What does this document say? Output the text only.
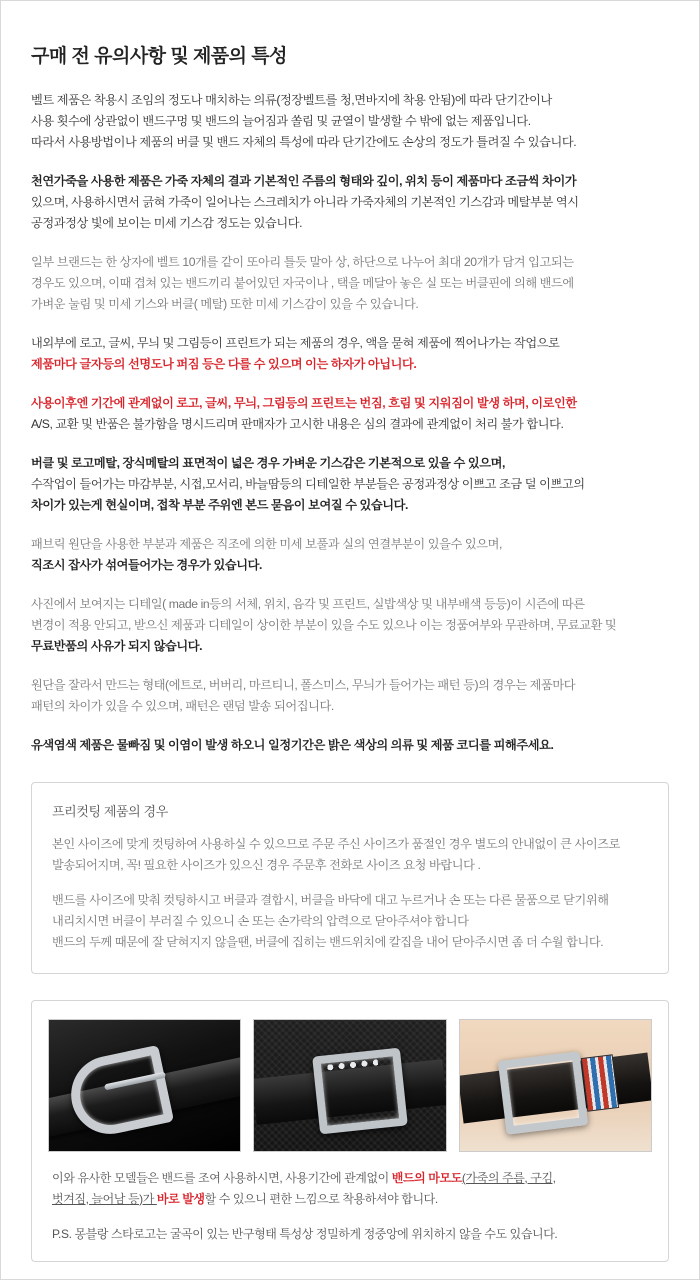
구매 전 유의사항 및 제품의 특성

벨트 제품은 착용시 조임의 정도나 매치하는 의류(정장벨트를 청,면바지에 착용 안됨)에 따라 단기간이나
사용 횟수에 상관없이 밴드구멍 및 밴드의 늘어짐과 쏠림 및 균열이 발생할 수 밖에 없는 제품입니다.
따라서 사용방법이나 제품의 버클 및 밴드 자체의 특성에 따라 단기간에도 손상의 정도가 틀려질 수 있습니다.

천연가죽을 사용한 제품은 가죽 자체의 결과 기본적인 주름의 형태와 깊이, 위치 등이 제품마다 조금씩 차이가
있으며, 사용하시면서 긁혀 가죽이 일어나는 스크레치가 아니라 가죽자체의 기본적인 기스감과 메탈부분 역시
공정과정상 빛에 보이는 미세 기스감 정도는 있습니다.

일부 브랜드는 한 상자에 벨트 10개를 같이 또아리 틀듯 말아 상, 하단으로 나누어 최대 20개가 담겨 입고되는
경우도 있으며, 이때 겹쳐 있는 밴드끼리 붙어있던 자국이나 , 택을 메달아 놓은 실 또는 버클핀에 의해 밴드에
가벼운 눌림 및 미세 기스와 버클( 메탈) 또한 미세 기스감이 있을 수 있습니다.

내외부에 로고, 글씨, 무늬 및 그림등이 프린트가 되는 제품의 경우, 액을 묻혀 제품에 찍어나가는 작업으로
제품마다 글자등의 선명도나 퍼짐 등은 다를 수 있으며 이는 하자가 아닙니다.

사용이후엔 기간에 관계없이 로고, 글씨, 무늬, 그림등의 프린트는 번짐, 흐림 및 지워짐이 발생 하며, 이로인한
A/S, 교환 및 반품은 불가함을 명시드리며 판매자가 고시한 내용은 심의 결과에 관계없이 처리 불가 합니다.

버클 및 로고메탈, 장식메탈의 표면적이 넓은 경우 가벼운 기스감은 기본적으로 있을 수 있으며,
수작업이 들어가는 마감부분, 시접,모서리, 바늘땀등의 디테일한 부분들은 공정과정상 이쁘고 조금 덜 이쁘고의
차이가 있는게 현실이며, 접착 부분 주위엔 본드 묻음이 보여질 수 있습니다.

패브릭 원단을 사용한 부분과 제품은 직조에 의한 미세 보풀과 실의 연결부분이 있을수 있으며,
직조시 잡사가 섞여들어가는 경우가 있습니다.

사진에서 보여지는 디테일( made in등의 서체, 위치, 음각 및 프린트, 실밥색상 및 내부배색 등등)이 시즌에 따른
변경이 적용 안되고, 받으신 제품과 디테일이 상이한 부분이 있을 수도 있으나 이는 정품여부와 무관하며, 무료교환 및
무료반품의 사유가 되지 않습니다.

원단을 잘라서 만드는 형태(에트로, 버버리, 마르티니, 폴스미스, 무늬가 들어가는 패턴 등)의 경우는 제품마다
패턴의 차이가 있을 수 있으며, 패턴은 랜덤 발송 되어집니다.

유색염색 제품은 물빠짐 및 이염이 발생 하오니 일정기간은 밝은 색상의 의류 및 제품 코디를 피해주세요.

프리컷팅 제품의 경우

본인 사이즈에 맞게 컷팅하여 사용하실 수 있으므로 주문 주신 사이즈가 품절인 경우 별도의 안내없이 큰 사이즈로
발송되어지며, 꼭! 필요한 사이즈가 있으신 경우 주문후 전화로 사이즈 요청 바랍니다 .

밴드를 사이즈에 맞춰 컷팅하시고 버클과 결합시, 버클을 바닥에 대고 누르거나 손 또는 다른 물품으로 닫기위해
내리치시면 버클이 부러질 수 있으니 손 또는 손가락의 압력으로 닫아주셔야 합니다
밴드의 두께 때문에 잘 닫혀지지 않을땐, 버클에 집히는 밴드위치에 칼집을 내어 닫아주시면 좀 더 수월 합니다.

이와 유사한 모델들은 밴드를 조여 사용하시면, 사용기간에 관계없이 밴드의 마모도(가죽의 주름, 구김,
벗겨짐, 늘어남 등)가 바로 발생할 수 있으니 편한 느낌으로 착용하셔야 합니다.

P.S. 몽블랑 스타로고는 굴곡이 있는 반구형태 특성상 정밀하게 정중앙에 위치하지 않을 수도 있습니다.
